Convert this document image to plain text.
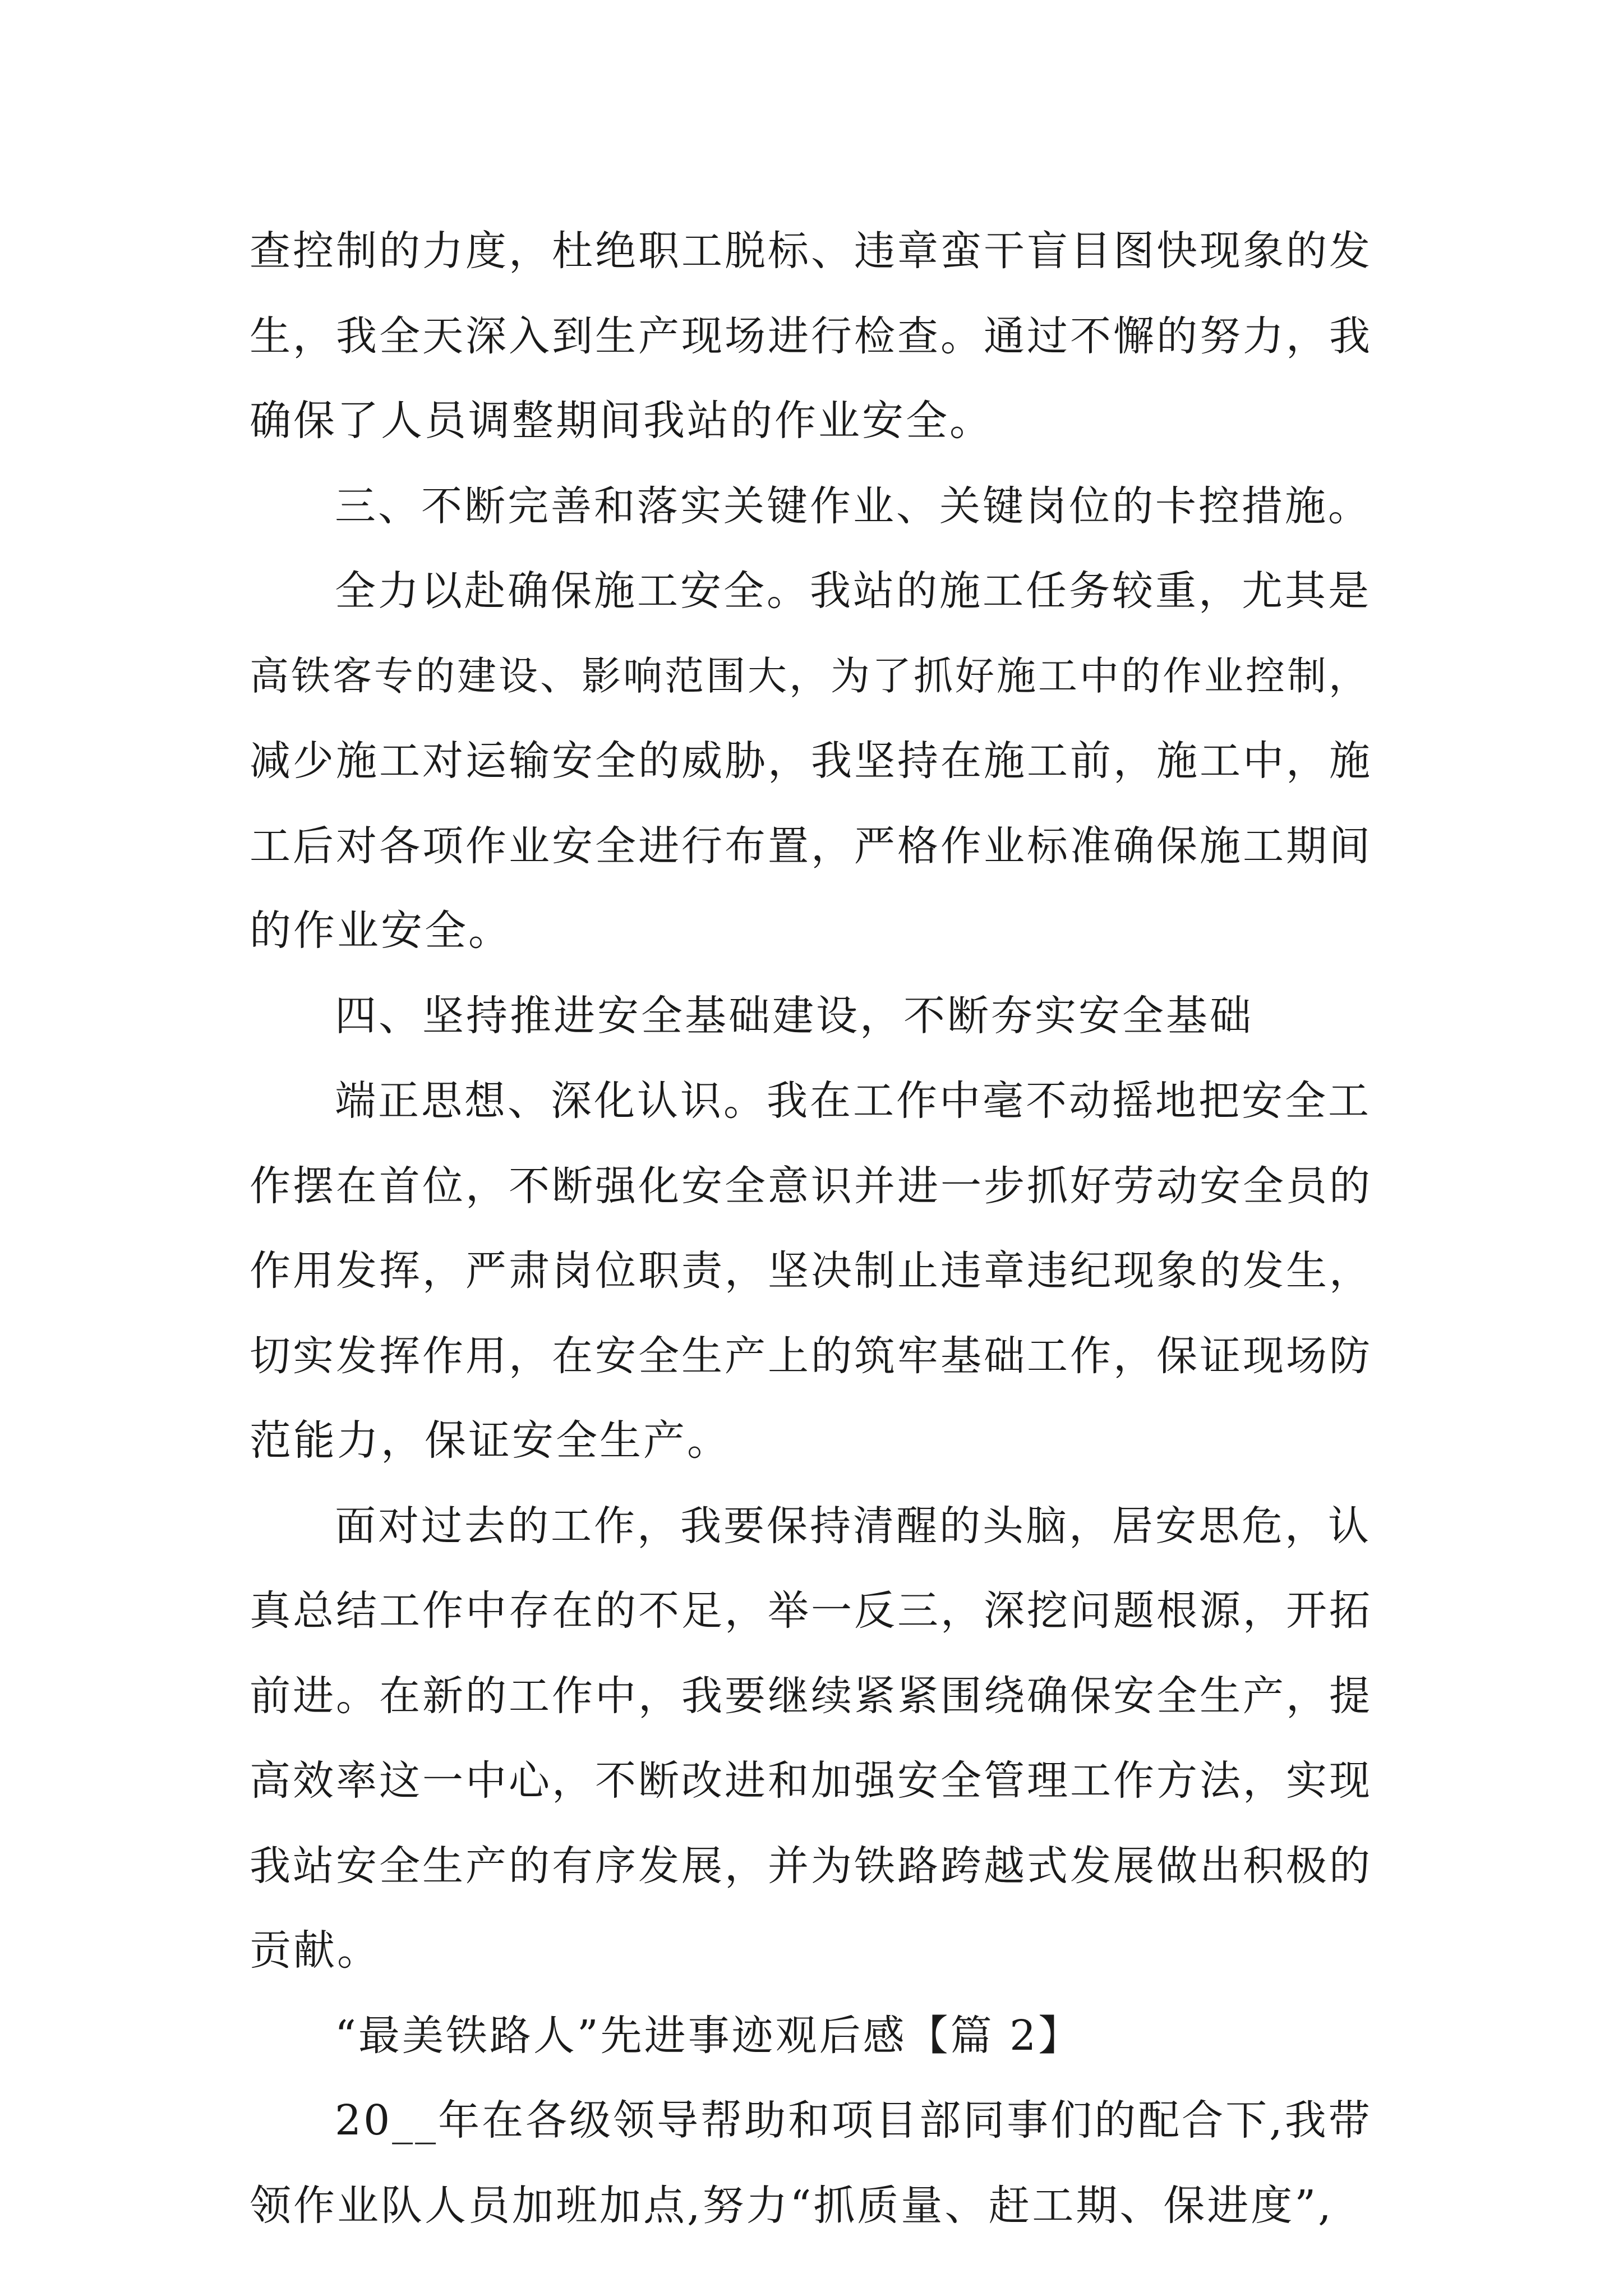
查控制的力度，杜绝职工脱标、违章蛮干盲目图快现象的发
生，我全天深入到生产现场进行检查。通过不懈的努力，我
确保了人员调整期间我站的作业安全。
三、不断完善和落实关键作业、关键岗位的卡控措施。
全力以赴确保施工安全。我站的施工任务较重，尤其是
高铁客专的建设、影响范围大，为了抓好施工中的作业控制，
减少施工对运输安全的威胁，我坚持在施工前，施工中，施
工后对各项作业安全进行布置，严格作业标准确保施工期间
的作业安全。
四、坚持推进安全基础建设，不断夯实安全基础
端正思想、深化认识。我在工作中毫不动摇地把安全工
作摆在首位，不断强化安全意识并进一步抓好劳动安全员的
作用发挥，严肃岗位职责，坚决制止违章违纪现象的发生，
切实发挥作用，在安全生产上的筑牢基础工作，保证现场防
范能力，保证安全生产。
面对过去的工作，我要保持清醒的头脑，居安思危，认
真总结工作中存在的不足，举一反三，深挖问题根源，开拓
前进。在新的工作中，我要继续紧紧围绕确保安全生产，提
高效率这一中心，不断改进和加强安全管理工作方法，实现
我站安全生产的有序发展，并为铁路跨越式发展做出积极的
贡献。
“最美铁路人”先进事迹观后感【篇 2】
20__年在各级领导帮助和项目部同事们的配合下,我带
领作业队人员加班加点,努力“抓质量、赶工期、保进度”,
